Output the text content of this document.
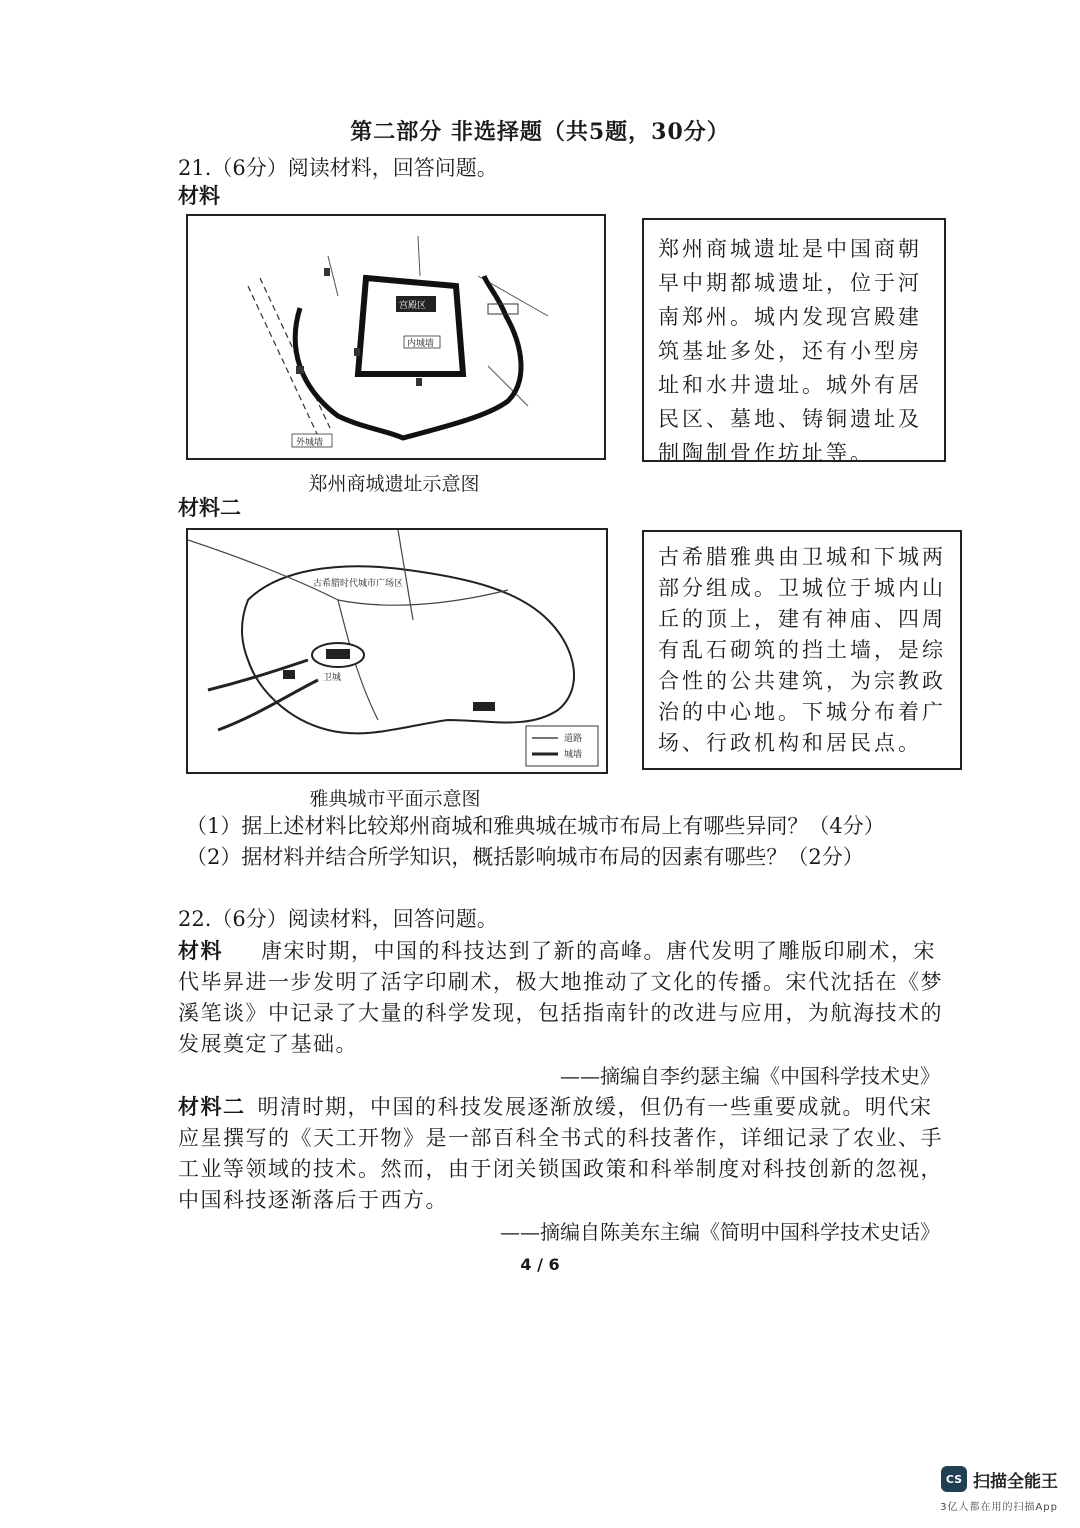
第二部分 非选择题（共5题，30分）
21.（6分）阅读材料，回答问题。
材料
宫殿区
内城墙
外城墙
郑州商城遗址是中国商朝早中期都城遗址，位于河南郑州。城内发现宫殿建筑基址多处，还有小型房址和水井遗址。城外有居民区、墓地、铸铜遗址及制陶制骨作坊址等。
郑州商城遗址示意图
材料二
卫城
古希腊时代城市广场区
道路
城墙
古希腊雅典由卫城和下城两部分组成。卫城位于城内山丘的顶上，建有神庙、四周有乱石砌筑的挡土墙，是综合性的公共建筑，为宗教政治的中心地。下城分布着广场、行政机构和居民点。
雅典城市平面示意图
（1）据上述材料比较郑州商城和雅典城在城市布局上有哪些异同？（4分）
（2）据材料并结合所学知识，概括影响城市布局的因素有哪些？（2分）
22.（6分）阅读材料，回答问题。
材料 唐宋时期，中国的科技达到了新的高峰。唐代发明了雕版印刷术，宋
代毕昇进一步发明了活字印刷术，极大地推动了文化的传播。宋代沈括在《梦
溪笔谈》中记录了大量的科学发现，包括指南针的改进与应用，为航海技术的
发展奠定了基础。
——摘编自李约瑟主编《中国科学技术史》
材料二 明清时期，中国的科技发展逐渐放缓，但仍有一些重要成就。明代宋
应星撰写的《天工开物》是一部百科全书式的科技著作，详细记录了农业、手
工业等领域的技术。然而，由于闭关锁国政策和科举制度对科技创新的忽视，
中国科技逐渐落后于西方。
——摘编自陈美东主编《简明中国科学技术史话》
4 / 6
CS 扫描全能王
3亿人都在用的扫描App
